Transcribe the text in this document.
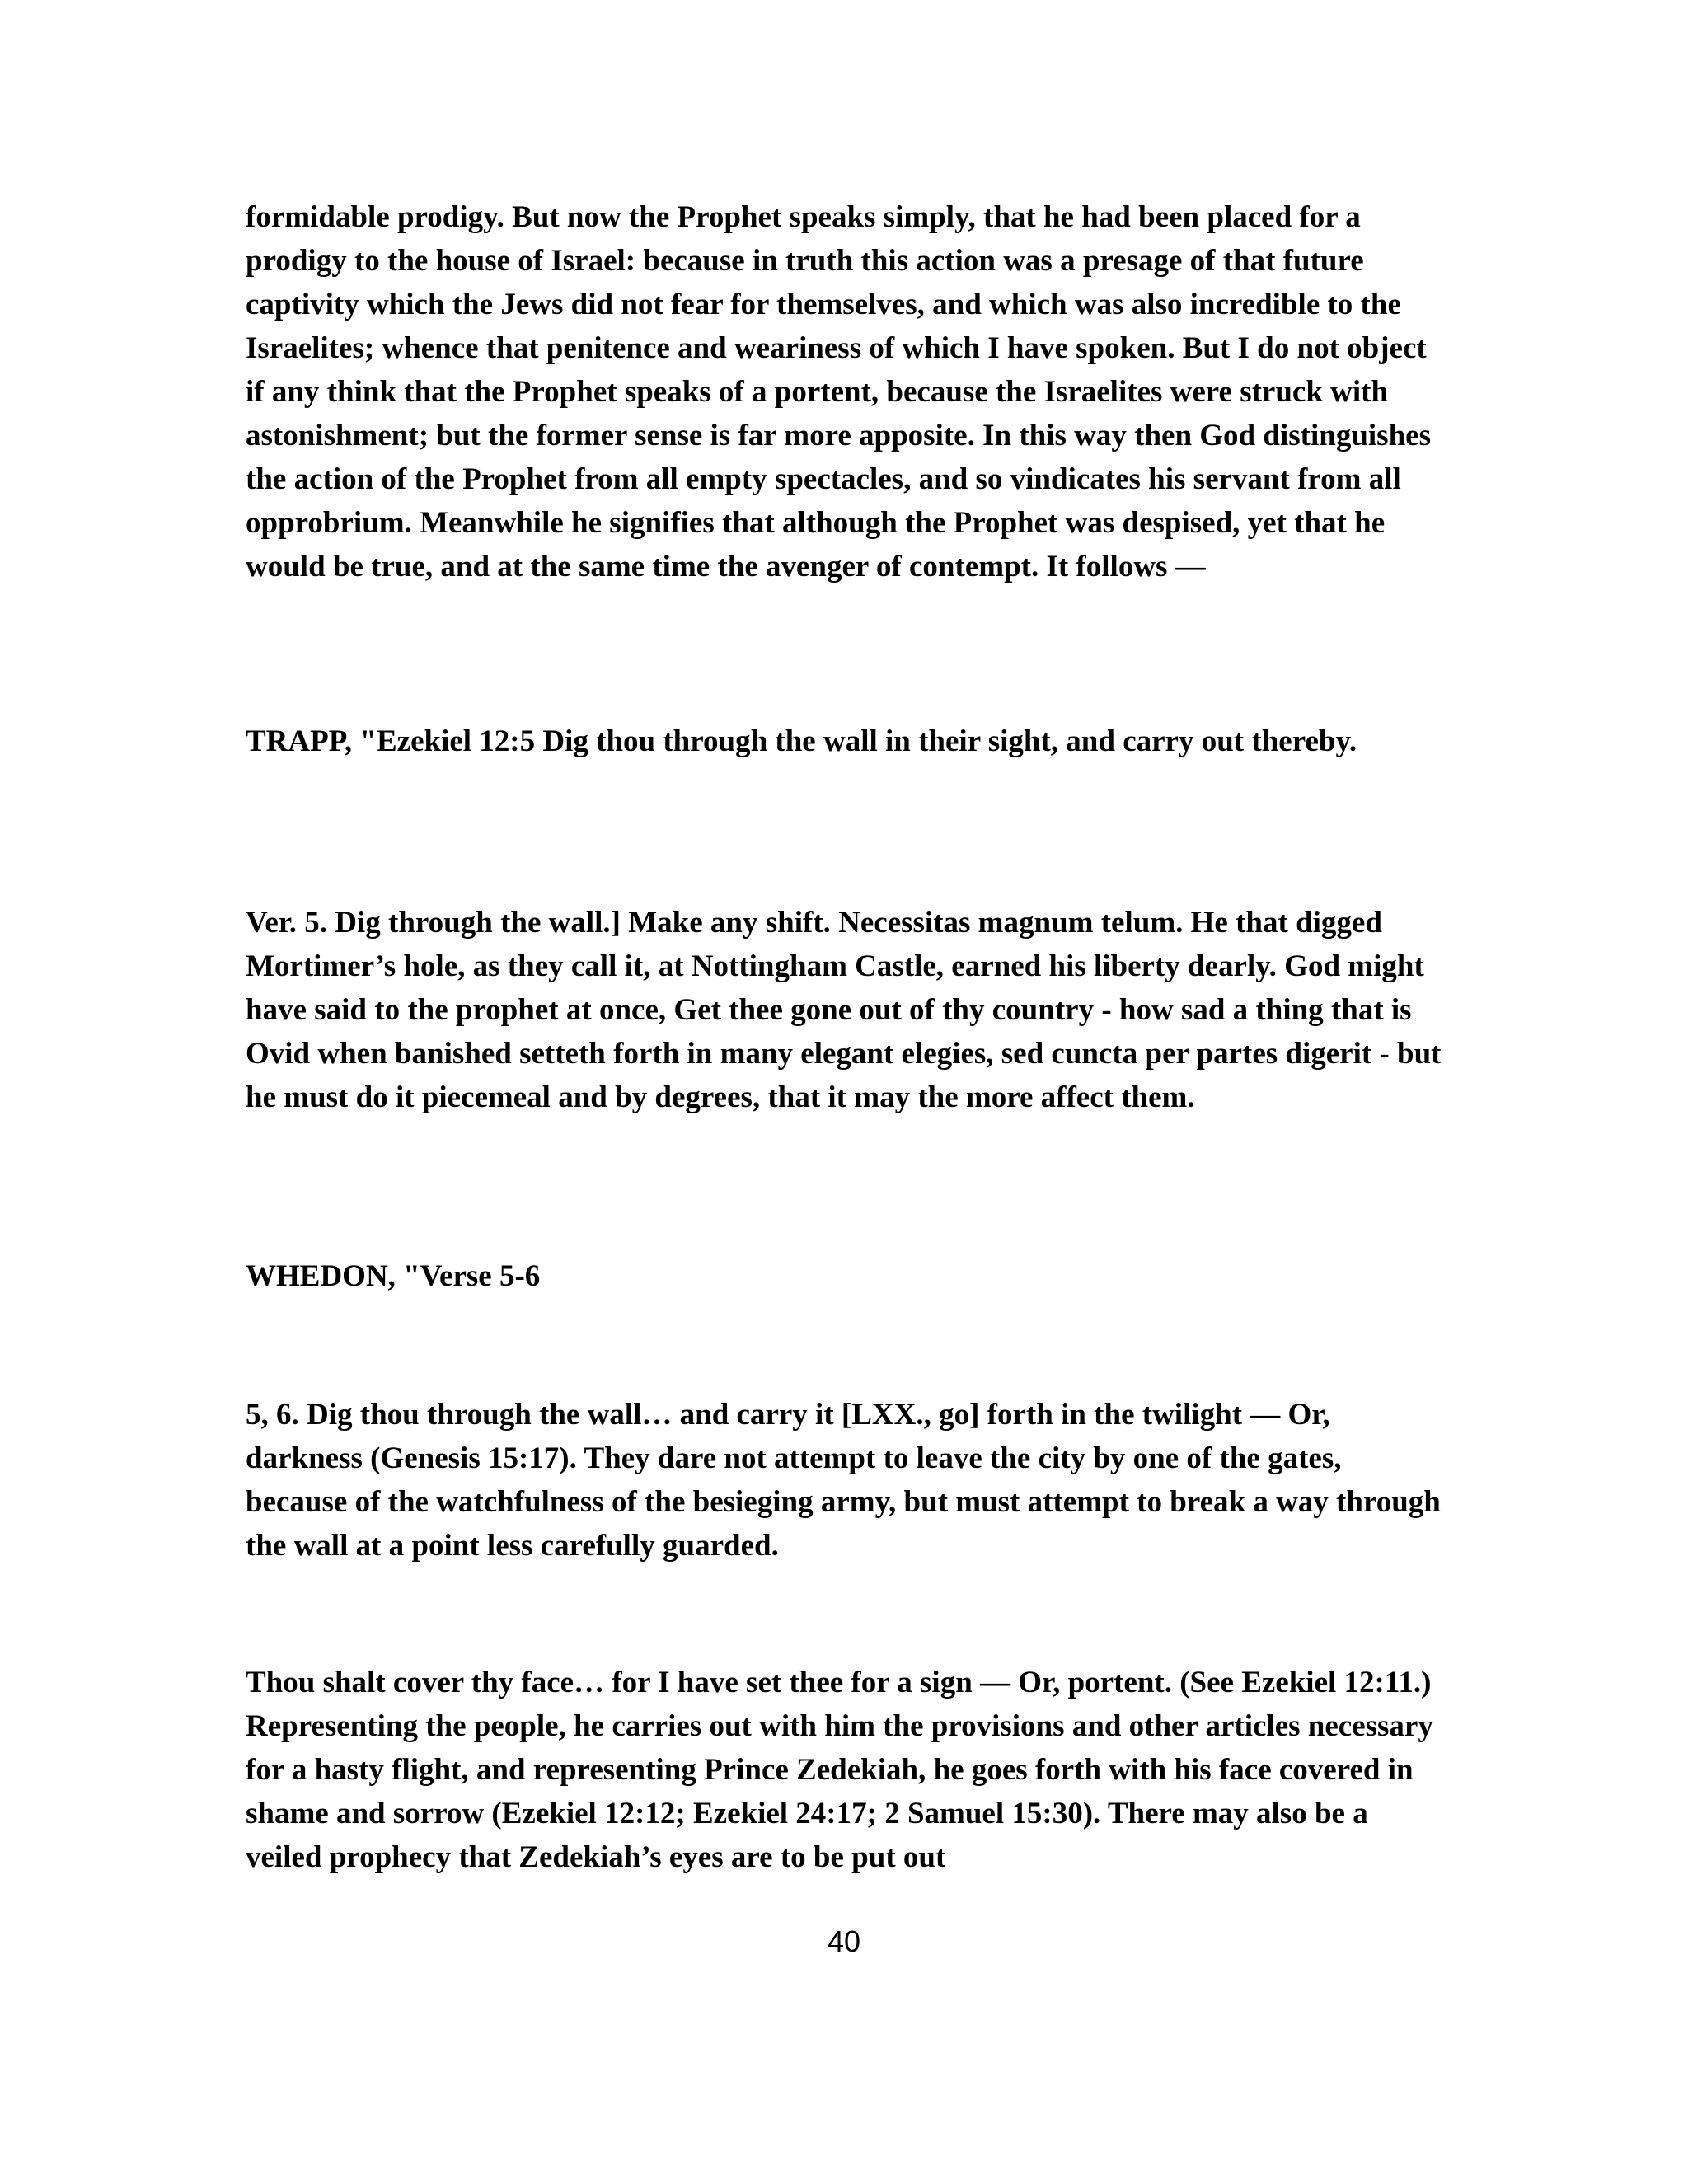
formidable prodigy. But now the Prophet speaks simply, that he had been placed for a prodigy to the house of Israel: because in truth this action was a presage of that future captivity which the Jews did not fear for themselves, and which was also incredible to the Israelites; whence that penitence and weariness of which I have spoken. But I do not object if any think that the Prophet speaks of a portent, because the Israelites were struck with astonishment; but the former sense is far more apposite. In this way then God distinguishes the action of the Prophet from all empty spectacles, and so vindicates his servant from all opprobrium. Meanwhile he signifies that although the Prophet was despised, yet that he would be true, and at the same time the avenger of contempt. It follows —

TRAPP, "Ezekiel 12:5 Dig thou through the wall in their sight, and carry out thereby.

Ver. 5. Dig through the wall.] Make any shift. Necessitas magnum telum. He that digged Mortimer’s hole, as they call it, at Nottingham Castle, earned his liberty dearly. God might have said to the prophet at once, Get thee gone out of thy country - how sad a thing that is Ovid when banished setteth forth in many elegant elegies, sed cuncta per partes digerit - but he must do it piecemeal and by degrees, that it may the more affect them.

WHEDON, "Verse 5-6

5, 6. Dig thou through the wall… and carry it [LXX., go] forth in the twilight — Or, darkness (Genesis 15:17). They dare not attempt to leave the city by one of the gates, because of the watchfulness of the besieging army, but must attempt to break a way through the wall at a point less carefully guarded.

Thou shalt cover thy face… for I have set thee for a sign — Or, portent. (See Ezekiel 12:11.) Representing the people, he carries out with him the provisions and other articles necessary for a hasty flight, and representing Prince Zedekiah, he goes forth with his face covered in shame and sorrow (Ezekiel 12:12; Ezekiel 24:17; 2 Samuel 15:30). There may also be a veiled prophecy that Zedekiah’s eyes are to be put out

40
